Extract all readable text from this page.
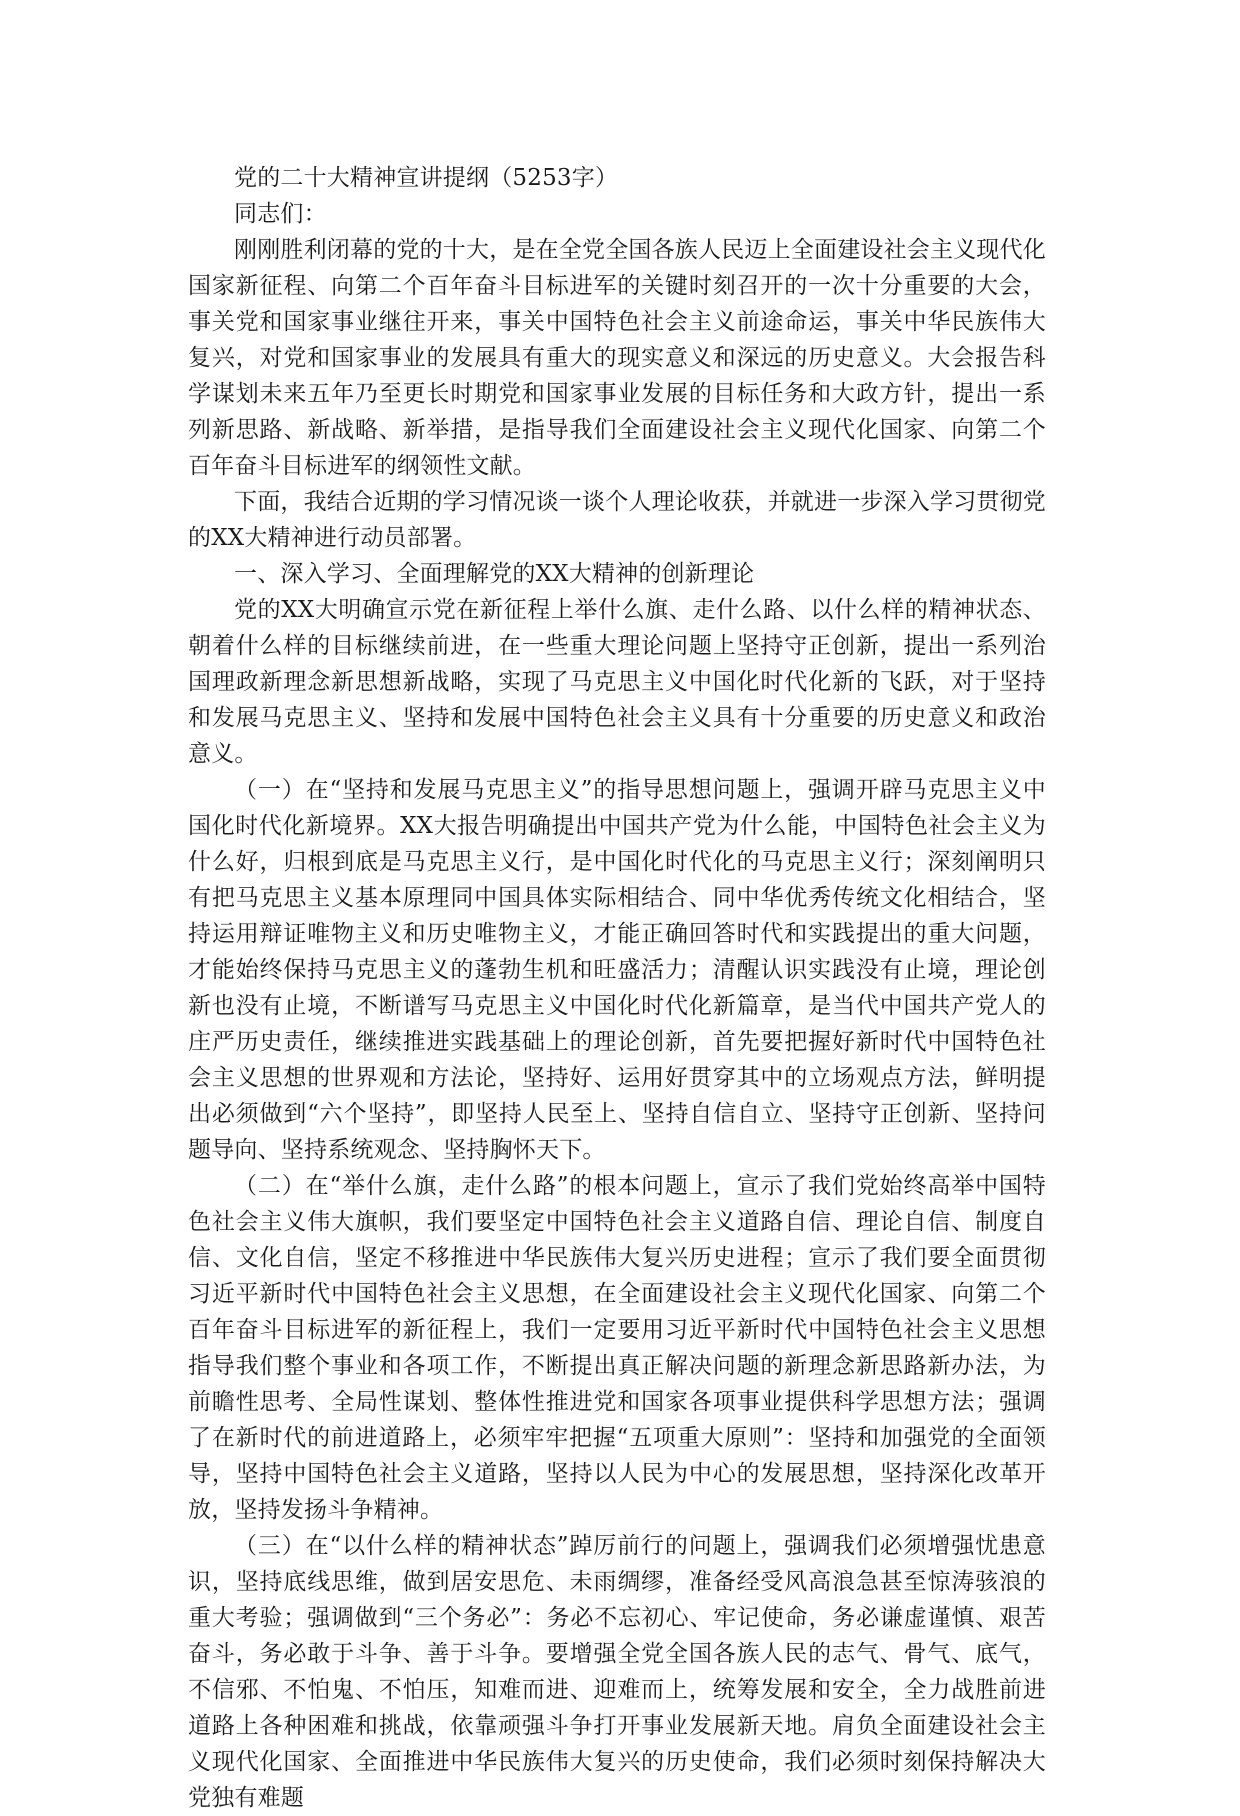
党的二十大精神宣讲提纲（5253字）

同志们：

刚刚胜利闭幕的党的十大，是在全党全国各族人民迈上全面建设社会主义现代化国家新征程、向第二个百年奋斗目标进军的关键时刻召开的一次十分重要的大会，事关党和国家事业继往开来，事关中国特色社会主义前途命运，事关中华民族伟大复兴，对党和国家事业的发展具有重大的现实意义和深远的历史意义。大会报告科学谋划未来五年乃至更长时期党和国家事业发展的目标任务和大政方针，提出一系列新思路、新战略、新举措，是指导我们全面建设社会主义现代化国家、向第二个百年奋斗目标进军的纲领性文献。

下面，我结合近期的学习情况谈一谈个人理论收获，并就进一步深入学习贯彻党的XX大精神进行动员部署。

一、深入学习、全面理解党的XX大精神的创新理论

党的XX大明确宣示党在新征程上举什么旗、走什么路、以什么样的精神状态、朝着什么样的目标继续前进，在一些重大理论问题上坚持守正创新，提出一系列治国理政新理念新思想新战略，实现了马克思主义中国化时代化新的飞跃，对于坚持和发展马克思主义、坚持和发展中国特色社会主义具有十分重要的历史意义和政治意义。

（一）在“坚持和发展马克思主义”的指导思想问题上，强调开辟马克思主义中国化时代化新境界。XX大报告明确提出中国共产党为什么能，中国特色社会主义为什么好，归根到底是马克思主义行，是中国化时代化的马克思主义行；深刻阐明只有把马克思主义基本原理同中国具体实际相结合、同中华优秀传统文化相结合，坚持运用辩证唯物主义和历史唯物主义，才能正确回答时代和实践提出的重大问题，才能始终保持马克思主义的蓬勃生机和旺盛活力；清醒认识实践没有止境，理论创新也没有止境，不断谱写马克思主义中国化时代化新篇章，是当代中国共产党人的庄严历史责任，继续推进实践基础上的理论创新，首先要把握好新时代中国特色社会主义思想的世界观和方法论，坚持好、运用好贯穿其中的立场观点方法，鲜明提出必须做到“六个坚持”，即坚持人民至上、坚持自信自立、坚持守正创新、坚持问题导向、坚持系统观念、坚持胸怀天下。

（二）在“举什么旗，走什么路”的根本问题上，宣示了我们党始终高举中国特色社会主义伟大旗帜，我们要坚定中国特色社会主义道路自信、理论自信、制度自信、文化自信，坚定不移推进中华民族伟大复兴历史进程；宣示了我们要全面贯彻习近平新时代中国特色社会主义思想，在全面建设社会主义现代化国家、向第二个百年奋斗目标进军的新征程上，我们一定要用习近平新时代中国特色社会主义思想指导我们整个事业和各项工作，不断提出真正解决问题的新理念新思路新办法，为前瞻性思考、全局性谋划、整体性推进党和国家各项事业提供科学思想方法；强调了在新时代的前进道路上，必须牢牢把握“五项重大原则”：坚持和加强党的全面领导，坚持中国特色社会主义道路，坚持以人民为中心的发展思想，坚持深化改革开放，坚持发扬斗争精神。

（三）在“以什么样的精神状态”踔厉前行的问题上，强调我们必须增强忧患意识，坚持底线思维，做到居安思危、未雨绸缪，准备经受风高浪急甚至惊涛骇浪的重大考验；强调做到“三个务必”：务必不忘初心、牢记使命，务必谦虚谨慎、艰苦奋斗，务必敢于斗争、善于斗争。要增强全党全国各族人民的志气、骨气、底气，不信邪、不怕鬼、不怕压，知难而进、迎难而上，统筹发展和安全，全力战胜前进道路上各种困难和挑战，依靠顽强斗争打开事业发展新天地。肩负全面建设社会主义现代化国家、全面推进中华民族伟大复兴的历史使命，我们必须时刻保持解决大党独有难题
